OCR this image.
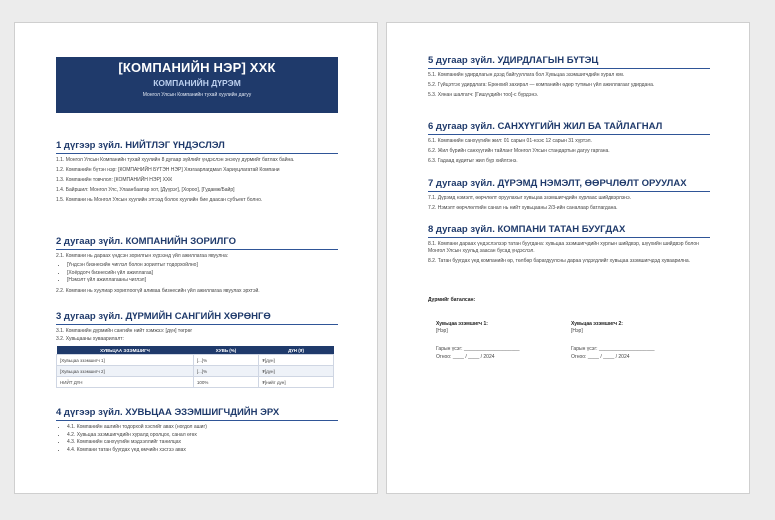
[КОМПАНИЙН НЭР] ХХК
КОМПАНИЙН ДҮРЭМ
Монгол Улсын Компанийн тухай хуулийн дагуу
1 дүгээр зүйл. НИЙТЛЭГ ҮНДЭСЛЭЛ

1.1. Монгол Улсын Компанийн тухай хуулийн 8 дугаар зүйлийг үндэслэн энэхүү дүрмийг батлах байна.

1.2. Компанийн бүтэн нэр: [КОМПАНИЙН БҮТЭН НЭР] Хязгаарлагдмал Хариуцлагатай Компани

1.3. Компанийн товчлол: [КОМПАНИЙН НЭР] ХХК

1.4. Байршил: Монгол Улс, Улаанбаатар хот, [Дүүрэг], [Хороо], [Гудамж/Байр]

1.5. Компани нь Монгол Улсын хуулийн этгээд болох хуулийн бие даасан субъект болно.

2 дугаар зүйл. КОМПАНИЙН ЗОРИЛГО

2.1. Компани нь дараах үндсэн зорилгын хүрээнд үйл ажиллагаа явуулна:

• [Үндсэн бизнесийн чиглэл болон зорилтыг тодорхойлно]
• [Хоёрдогч бизнесийн үйл ажиллагаа]
• [Нэмэлт үйл ажиллагааны чиглэл]

2.2. Компани нь хуулиар хориглоогүй аливаа бизнесийн үйл ажиллагаа явуулах эрхтэй.

3 дугаар зүйл. ДҮРМИЙН САНГИЙН ХӨРӨНГӨ

3.1. Компанийн дүрмийн сангийн нийт хэмжээ: [дүн] төгрөг

3.2. Хувьцааны хуваарилалт:

ХУВЬЦАА ЭЗЭМШИГЧ	ХУВЬ (%)	ДҮН (₮)
[Хувьцаа эзэмшигч 1]	[...]%	₮[дүн]
[Хувьцаа эзэмшигч 2]	[...]%	₮[дүн]
НИЙТ ДҮН	100%	₮[нийт дүн]
4 дүгээр зүйл. ХУВЬЦАА ЭЗЭМШИГЧДИЙН ЭРХ
• 4.1. Компанийн ашгийн тодорхой хэсгийг авах (ногдол ашиг)
• 4.2. Хувьцаа эзэмшигчдийн хуралд оролцох, санал өгөх
• 4.3. Компанийн санхүүгийн мэдээллийг танилцах
• 4.4. Компани татан буугдах үед өмчийн хэсгээ авах
5 дугаар зүйл. УДИРДЛАГЫН БҮТЭЦ

5.1. Компанийн удирдлагын дээд байгууллага бол Хувьцаа эзэмшигчдийн хурал юм.

5.2. Гүйцэтгэх удирдлага: Ерөнхий захирал — компанийн өдөр тутмын үйл ажиллагааг удирдана.

5.3. Хянан шалгагч: [Гишүүдийн тоо]-с бүрдэнэ.

6 дугаар зүйл. САНХҮҮГИЙН ЖИЛ БА ТАЙЛАГНАЛ

6.1. Компанийн санхүүгийн жил: 01 сарын 01-нээс 12 сарын 31 хүртэл.

6.2. Жил бүрийн санхүүгийн тайланг Монгол Улсын стандартын дагуу гаргана.

6.3. Гадаад аудитыг жил бүр хийлгэнэ.

7 дугаар зүйл. ДҮРЭМД НЭМЭЛТ, ӨӨРЧЛӨЛТ ОРУУЛАХ

7.1. Дүрэмд нэмэлт, өөрчлөлт оруулахыг хувьцаа эзэмшигчдийн хурлаас шийдвэрлэнэ.

7.2. Нэмэлт өөрчлөлтийн санал нь нийт хувьцааны 2/3-ийн саналаар батлагдана.

8 дугаар зүйл. КОМПАНИ ТАТАН БУУГДАХ

8.1. Компани дараах үндэслэлээр татан буугдана: хувьцаа эзэмшигчдийн хурлын шийдвэр, шүүхийн шийдвэр болон Монгол Улсын хуульд заасан бусад үндэслэл.

8.2. Татан буугдах үед компанийн өр, төлбөр барагдуулсны дараа үлдэгдлийг хувьцаа эзэмшигчдэд хуваарилна.

Дүрмийг баталсан:
Хувьцаа эзэмшигч 1:
[Нэр]
Гарын үсэг: ____________________
Огноо: ____ / ____ / 2024
Хувьцаа эзэмшигч 2:
[Нэр]
Гарын үсэг: ____________________
Огноо: ____ / ____ / 2024
